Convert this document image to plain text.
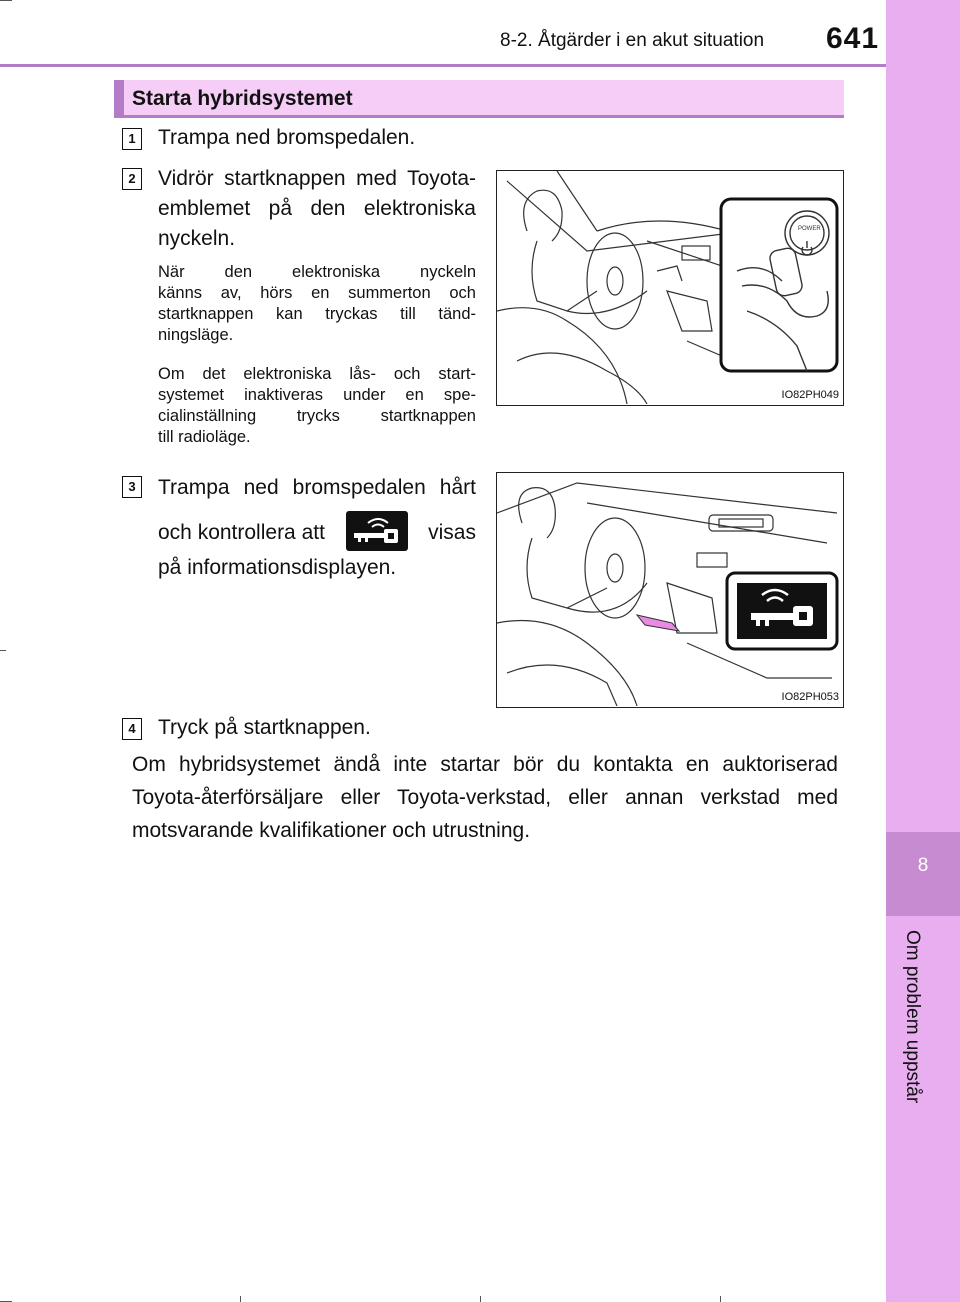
8
Om problem uppstår
8-2. Åtgärder i en akut situation 641
Starta hybridsystemet
1	Trampa ned bromspedalen.
2	Vidrör startknappen med Toyota-
emblemet på den elektroniska
nyckeln.
När den elektroniska nyckeln
känns av, hörs en summerton och
startknappen kan tryckas till tänd-
ningsläge.
Om det elektroniska lås- och start-
systemet inaktiveras under en spe-
cialinställning trycks startknappen
till radioläge.
POWER
IO82PH049
3	Trampa ned bromspedalen hårt
och kontrollera att	visas
på informationsdisplayen.
IO82PH053
4	Tryck på startknappen.
Om hybridsystemet ändå inte startar bör du kontakta en auktoriserad
Toyota-återförsäljare eller Toyota-verkstad, eller annan verkstad med
motsvarande kvalifikationer och utrustning.
